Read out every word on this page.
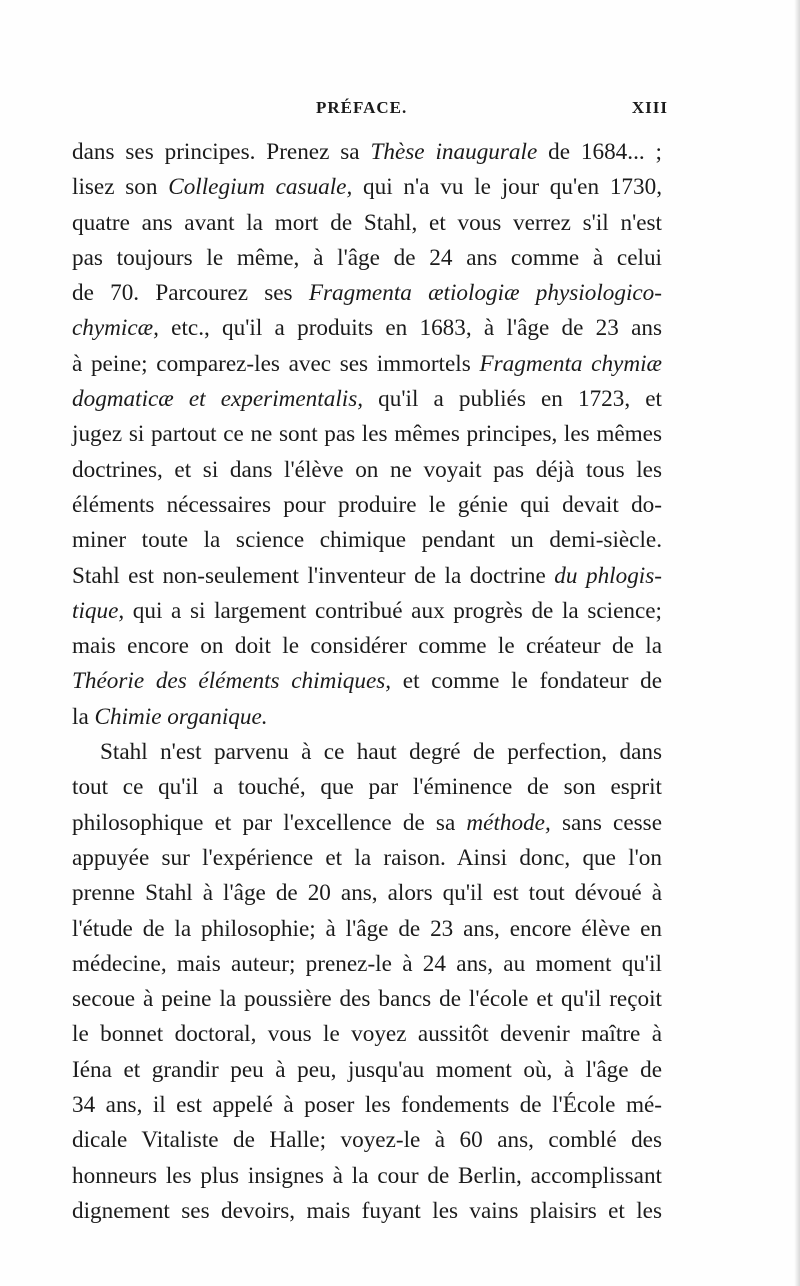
PRÉFACE.	XIII
dans ses principes. Prenez sa Thèse inaugurale de 1684... ;
lisez son Collegium casuale, qui n'a vu le jour qu'en 1730,
quatre ans avant la mort de Stahl, et vous verrez s'il n'est
pas toujours le même, à l'âge de 24 ans comme à celui
de 70. Parcourez ses Fragmenta ætiologiæ physiologico-
chymicæ, etc., qu'il a produits en 1683, à l'âge de 23 ans
à peine; comparez-les avec ses immortels Fragmenta chymiæ
dogmaticæ et experimentalis, qu'il a publiés en 1723, et
jugez si partout ce ne sont pas les mêmes principes, les mêmes
doctrines, et si dans l'élève on ne voyait pas déjà tous les
éléments nécessaires pour produire le génie qui devait do-
miner toute la science chimique pendant un demi-siècle.
Stahl est non-seulement l'inventeur de la doctrine du phlogis-
tique, qui a si largement contribué aux progrès de la science;
mais encore on doit le considérer comme le créateur de la
Théorie des éléments chimiques, et comme le fondateur de
la Chimie organique.
Stahl n'est parvenu à ce haut degré de perfection, dans
tout ce qu'il a touché, que par l'éminence de son esprit
philosophique et par l'excellence de sa méthode, sans cesse
appuyée sur l'expérience et la raison. Ainsi donc, que l'on
prenne Stahl à l'âge de 20 ans, alors qu'il est tout dévoué à
l'étude de la philosophie; à l'âge de 23 ans, encore élève en
médecine, mais auteur; prenez-le à 24 ans, au moment qu'il
secoue à peine la poussière des bancs de l'école et qu'il reçoit
le bonnet doctoral, vous le voyez aussitôt devenir maître à
Iéna et grandir peu à peu, jusqu'au moment où, à l'âge de
34 ans, il est appelé à poser les fondements de l'École mé-
dicale Vitaliste de Halle; voyez-le à 60 ans, comblé des
honneurs les plus insignes à la cour de Berlin, accomplissant
dignement ses devoirs, mais fuyant les vains plaisirs et les
